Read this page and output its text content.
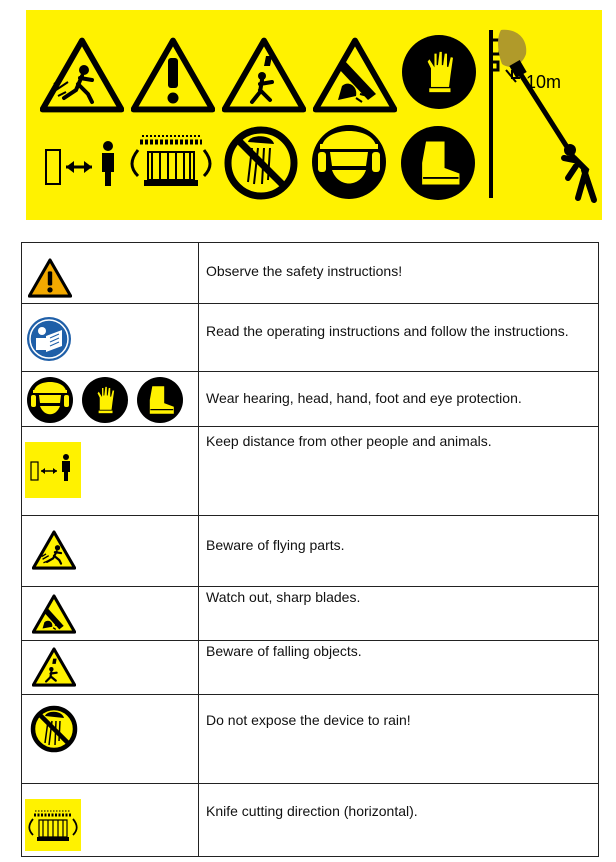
10m

Observe the safety instructions!

Read the operating instructions and follow the instructions.

Wear hearing, head, hand, foot and eye protection.

Keep distance from other people and animals.

Beware of flying parts.

Watch out, sharp blades.

Beware of falling objects.

Do not expose the device to rain!

Knife cutting direction (horizontal).
